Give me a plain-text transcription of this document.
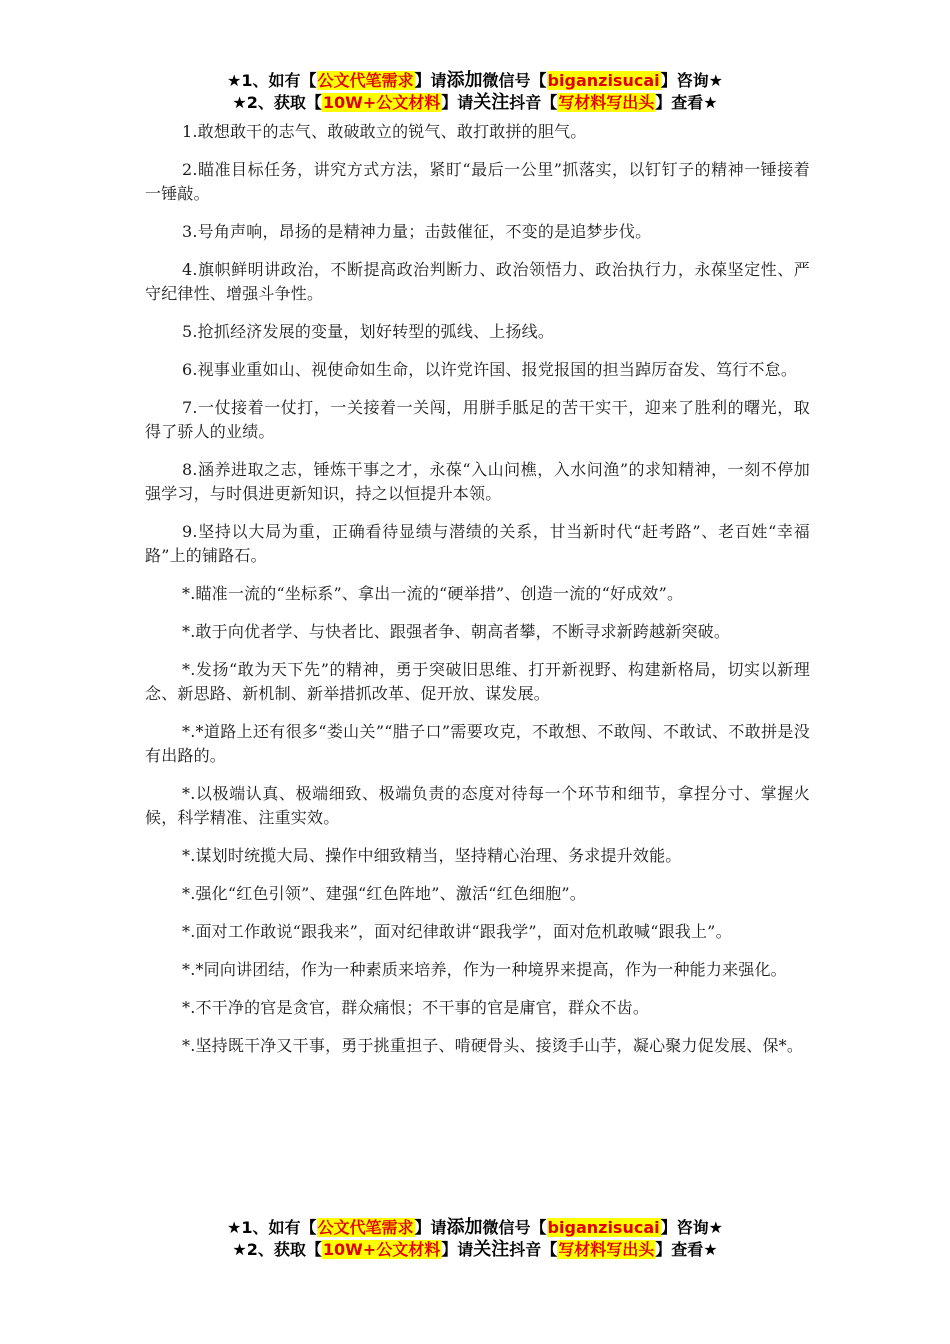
★1、如有【公文代笔需求】请添加微信号【biganzisucai】咨询★
★2、获取【10W+公文材料】请关注抖音【写材料写出头】查看★

1.敢想敢干的志气、敢破敢立的锐气、敢打敢拼的胆气。

2.瞄准目标任务，讲究方式方法，紧盯“最后一公里”抓落实，以钉钉子的精神一锤接着一锤敲。

3.号角声响，昂扬的是精神力量；击鼓催征，不变的是追梦步伐。

4.旗帜鲜明讲政治，不断提高政治判断力、政治领悟力、政治执行力，永葆坚定性、严守纪律性、增强斗争性。

5.抢抓经济发展的变量，划好转型的弧线、上扬线。

6.视事业重如山、视使命如生命，以许党许国、报党报国的担当踔厉奋发、笃行不怠。

7.一仗接着一仗打，一关接着一关闯，用胼手胝足的苦干实干，迎来了胜利的曙光，取得了骄人的业绩。

8.涵养进取之志，锤炼干事之才，永葆“入山问樵，入水问渔”的求知精神，一刻不停加强学习，与时俱进更新知识，持之以恒提升本领。

9.坚持以大局为重，正确看待显绩与潜绩的关系，甘当新时代“赶考路”、老百姓“幸福路”上的铺路石。

*.瞄准一流的“坐标系”、拿出一流的“硬举措”、创造一流的“好成效”。

*.敢于向优者学、与快者比、跟强者争、朝高者攀，不断寻求新跨越新突破。

*.发扬“敢为天下先”的精神，勇于突破旧思维、打开新视野、构建新格局，切实以新理念、新思路、新机制、新举措抓改革、促开放、谋发展。

*.*道路上还有很多“娄山关”“腊子口”需要攻克，不敢想、不敢闯、不敢试、不敢拼是没有出路的。

*.以极端认真、极端细致、极端负责的态度对待每一个环节和细节，拿捏分寸、掌握火候，科学精准、注重实效。

*.谋划时统揽大局、操作中细致精当，坚持精心治理、务求提升效能。

*.强化“红色引领”、建强“红色阵地”、激活“红色细胞”。

*.面对工作敢说“跟我来”，面对纪律敢讲“跟我学”，面对危机敢喊“跟我上”。

*.*同向讲团结，作为一种素质来培养，作为一种境界来提高，作为一种能力来强化。

*.不干净的官是贪官，群众痛恨；不干事的官是庸官，群众不齿。

*.坚持既干净又干事，勇于挑重担子、啃硬骨头、接烫手山芋，凝心聚力促发展、保*。

★1、如有【公文代笔需求】请添加微信号【biganzisucai】咨询★
★2、获取【10W+公文材料】请关注抖音【写材料写出头】查看★
